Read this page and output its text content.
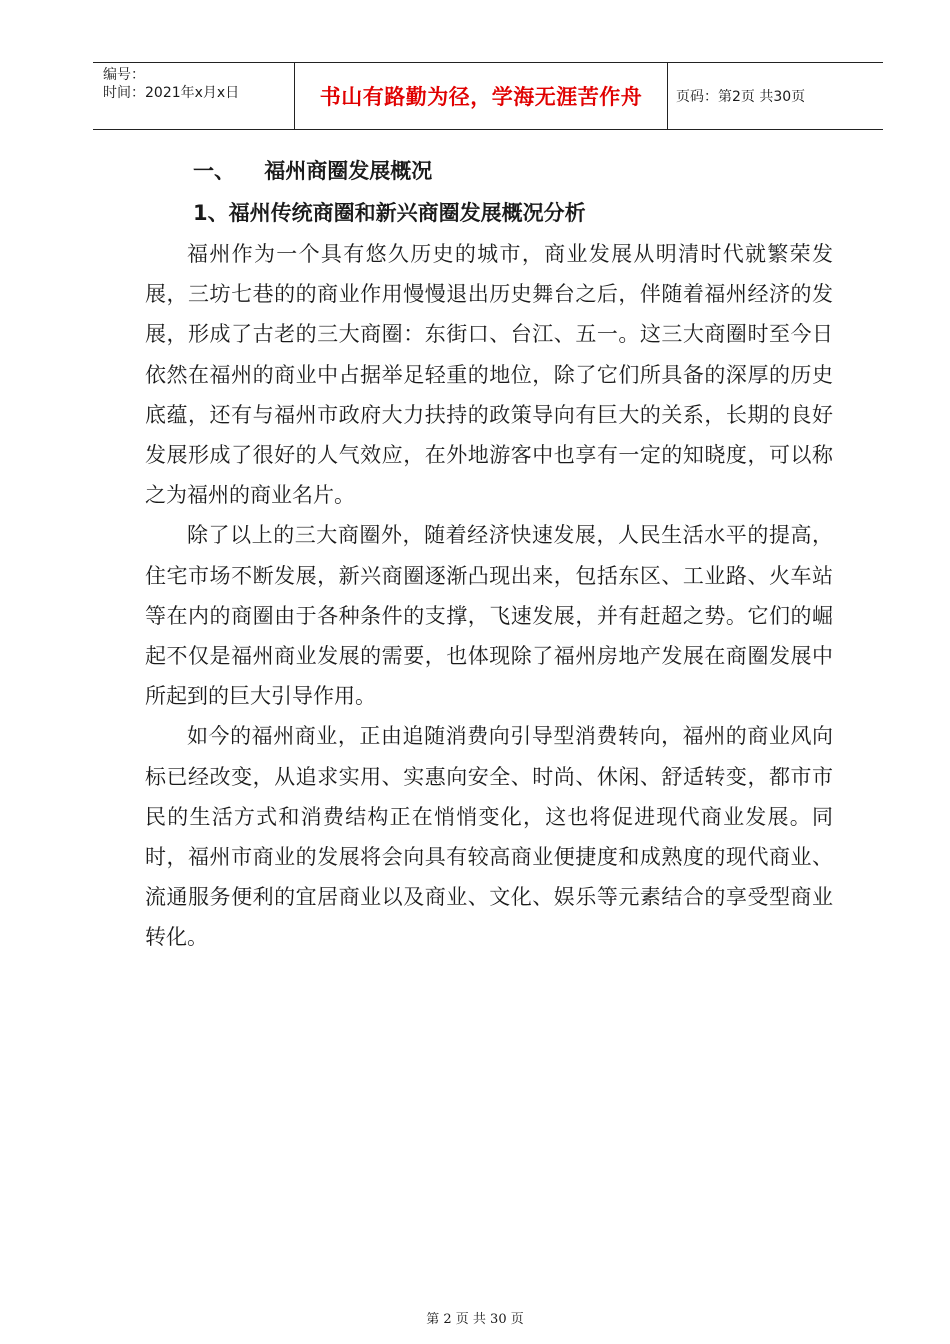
编号：
时间：2021年x月x日	书山有路勤为径，学海无涯苦作舟	页码：第2页 共30页
一、    福州商圈发展概况
1、福州传统商圈和新兴商圈发展概况分析

福州作为一个具有悠久历史的城市，商业发展从明清时代就繁荣发展，三坊七巷的的商业作用慢慢退出历史舞台之后，伴随着福州经济的发展，形成了古老的三大商圈：东街口、台江、五一。这三大商圈时至今日依然在福州的商业中占据举足轻重的地位，除了它们所具备的深厚的历史底蕴，还有与福州市政府大力扶持的政策导向有巨大的关系，长期的良好发展形成了很好的人气效应，在外地游客中也享有一定的知晓度，可以称之为福州的商业名片。

除了以上的三大商圈外，随着经济快速发展，人民生活水平的提高，住宅市场不断发展，新兴商圈逐渐凸现出来，包括东区、工业路、火车站等在内的商圈由于各种条件的支撑，飞速发展，并有赶超之势。它们的崛起不仅是福州商业发展的需要，也体现除了福州房地产发展在商圈发展中所起到的巨大引导作用。

如今的福州商业，正由追随消费向引导型消费转向，福州的商业风向标已经改变，从追求实用、实惠向安全、时尚、休闲、舒适转变，都市市民的生活方式和消费结构正在悄悄变化，这也将促进现代商业发展。同时，福州市商业的发展将会向具有较高商业便捷度和成熟度的现代商业、流通服务便利的宜居商业以及商业、文化、娱乐等元素结合的享受型商业转化。

第 2 页 共 30 页
